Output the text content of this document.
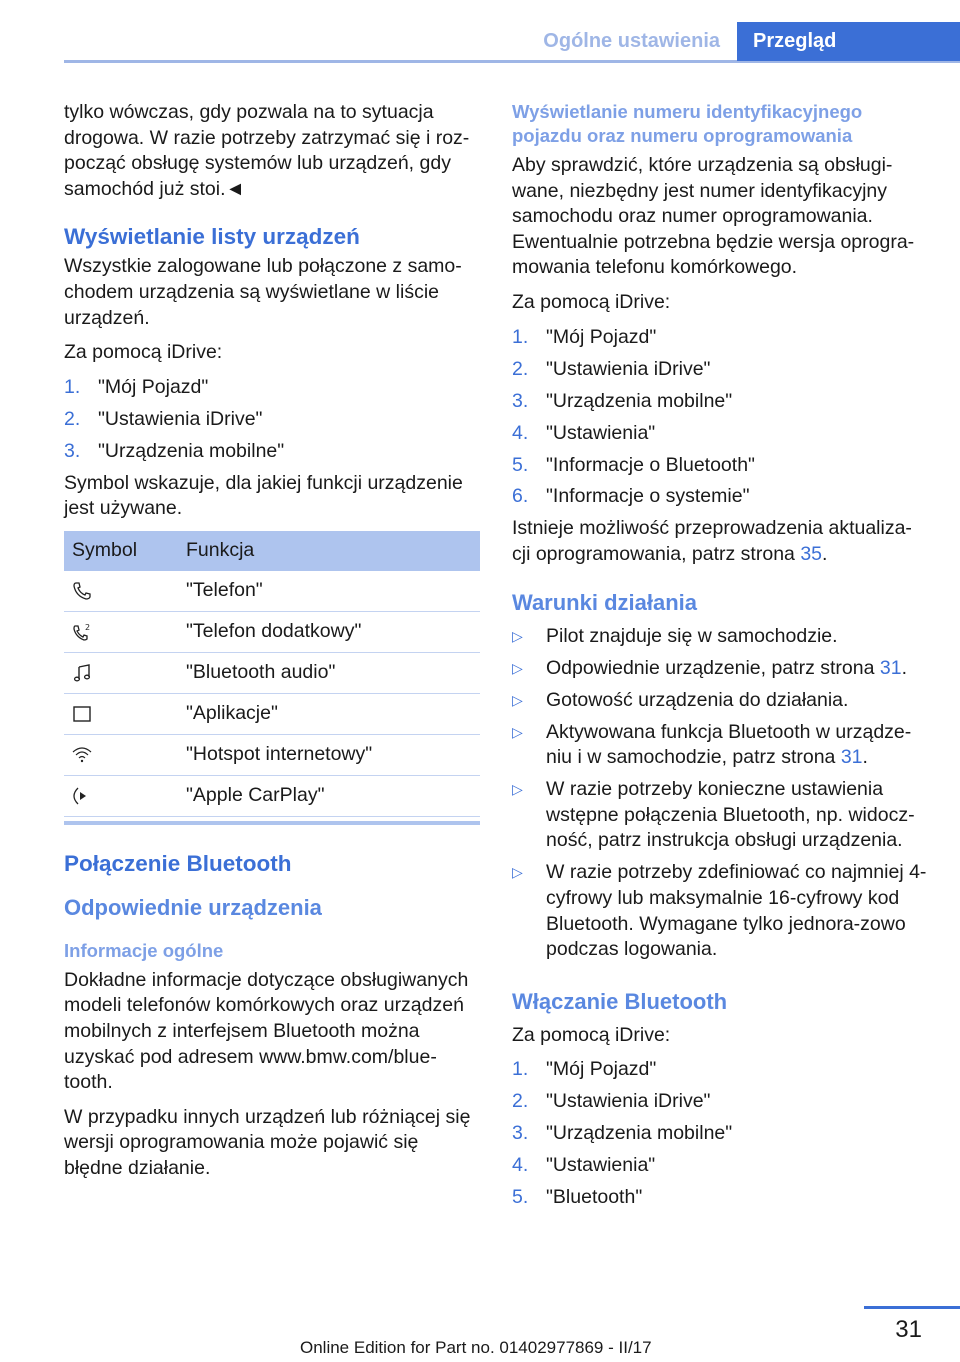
Ogólne ustawienia	Przegląd

tylko wówczas, gdy pozwala na to sytuacja drogowa. W razie potrzeby zatrzymać się i roz‐począć obsługę systemów lub urządzeń, gdy samochód już stoi.◄

Wyświetlanie listy urządzeń

Wszystkie zalogowane lub połączone z samo‐chodem urządzenia są wyświetlane w liście urządzeń.

Za pomocą iDrive:

1. "Mój Pojazd"
2. "Ustawienia iDrive"
3. "Urządzenia mobilne"

Symbol wskazuje, dla jakiej funkcji urządzenie jest używane.

Symbol	Funkcja
	"Telefon"

2	"Telefon dodatkowy"
	"Bluetooth audio"
	"Aplikacje"
	"Hotspot internetowy"
	"Apple CarPlay"
Połączenie Bluetooth
Odpowiednie urządzenia
Informacje ogólne

Dokładne informacje dotyczące obsługiwanych modeli telefonów komórkowych oraz urządzeń mobilnych z interfejsem Bluetooth można uzyskać pod adresem www.bmw.com/blue‐tooth.

W przypadku innych urządzeń lub różniącej się wersji oprogramowania może pojawić się błędne działanie.

Wyświetlanie numeru identyfikacyjnego pojazdu oraz numeru oprogramowania

Aby sprawdzić, które urządzenia są obsługi‐wane, niezbędny jest numer identyfikacyjny samochodu oraz numer oprogramowania. Ewentualnie potrzebna będzie wersja oprogra‐mowania telefonu komórkowego.

Za pomocą iDrive:

1. "Mój Pojazd"
2. "Ustawienia iDrive"
3. "Urządzenia mobilne"
4. "Ustawienia"
5. "Informacje o Bluetooth"
6. "Informacje o systemie"

Istnieje możliwość przeprowadzenia aktualiza‐cji oprogramowania, patrz strona 35.

Warunki działania
▷ Pilot znajduje się w samochodzie.
▷ Odpowiednie urządzenie, patrz strona 31.
▷ Gotowość urządzenia do działania.
▷ Aktywowana funkcja Bluetooth w urządze‐niu i w samochodzie, patrz strona 31.
▷ W razie potrzeby konieczne ustawienia wstępne połączenia Bluetooth, np. widocz‐ność, patrz instrukcja obsługi urządzenia.
▷ W razie potrzeby zdefiniować co najmniej 4-cyfrowy lub maksymalnie 16-cyfrowy kod Bluetooth. Wymagane tylko jednora‐zowo podczas logowania.
Włączanie Bluetooth

Za pomocą iDrive:

1. "Mój Pojazd"
2. "Ustawienia iDrive"
3. "Urządzenia mobilne"
4. "Ustawienia"
5. "Bluetooth"
31
Online Edition for Part no. 01402977869 - II/17
